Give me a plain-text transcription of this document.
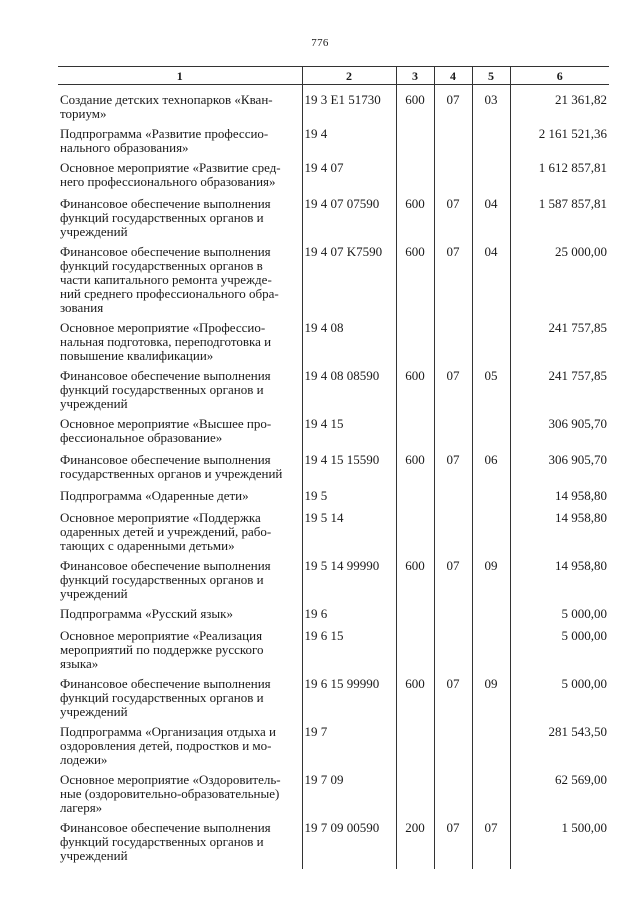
776
1	2	3	4	5	6

Создание детских технопарков «Кван-
ториум»	19 3 E1 51730	600	07	03	21 361,82
Подпрограмма «Развитие профессио-
нального образования»	19 4				2 161 521,36
Основное мероприятие «Развитие сред-
него профессионального образования»	19 4 07				1 612 857,81
Финансовое обеспечение выполнения
функций государственных органов и
учреждений	19 4 07 07590	600	07	04	1 587 857,81
Финансовое обеспечение выполнения
функций государственных органов в
части капитального ремонта учрежде-
ний среднего профессионального обра-
зования	19 4 07 K7590	600	07	04	25 000,00
Основное мероприятие «Профессио-
нальная подготовка, переподготовка и
повышение квалификации»	19 4 08				241 757,85
Финансовое обеспечение выполнения
функций государственных органов и
учреждений	19 4 08 08590	600	07	05	241 757,85
Основное мероприятие «Высшее про-
фессиональное образование»	19 4 15				306 905,70
Финансовое обеспечение выполнения
государственных органов и учреждений	19 4 15 15590	600	07	06	306 905,70
Подпрограмма «Одаренные дети»	19 5				14 958,80
Основное мероприятие «Поддержка
одаренных детей и учреждений, рабо-
тающих с одаренными детьми»	19 5 14				14 958,80
Финансовое обеспечение выполнения
функций государственных органов и
учреждений	19 5 14 99990	600	07	09	14 958,80
Подпрограмма «Русский язык»	19 6				5 000,00
Основное мероприятие «Реализация
мероприятий по поддержке русского
языка»	19 6 15				5 000,00
Финансовое обеспечение выполнения
функций государственных органов и
учреждений	19 6 15 99990	600	07	09	5 000,00
Подпрограмма «Организация отдыха и
оздоровления детей, подростков и мо-
лодежи»	19 7				281 543,50
Основное мероприятие «Оздоровитель-
ные (оздоровительно-образовательные)
лагеря»	19 7 09				62 569,00
Финансовое обеспечение выполнения
функций государственных органов и
учреждений	19 7 09 00590	200	07	07	1 500,00
